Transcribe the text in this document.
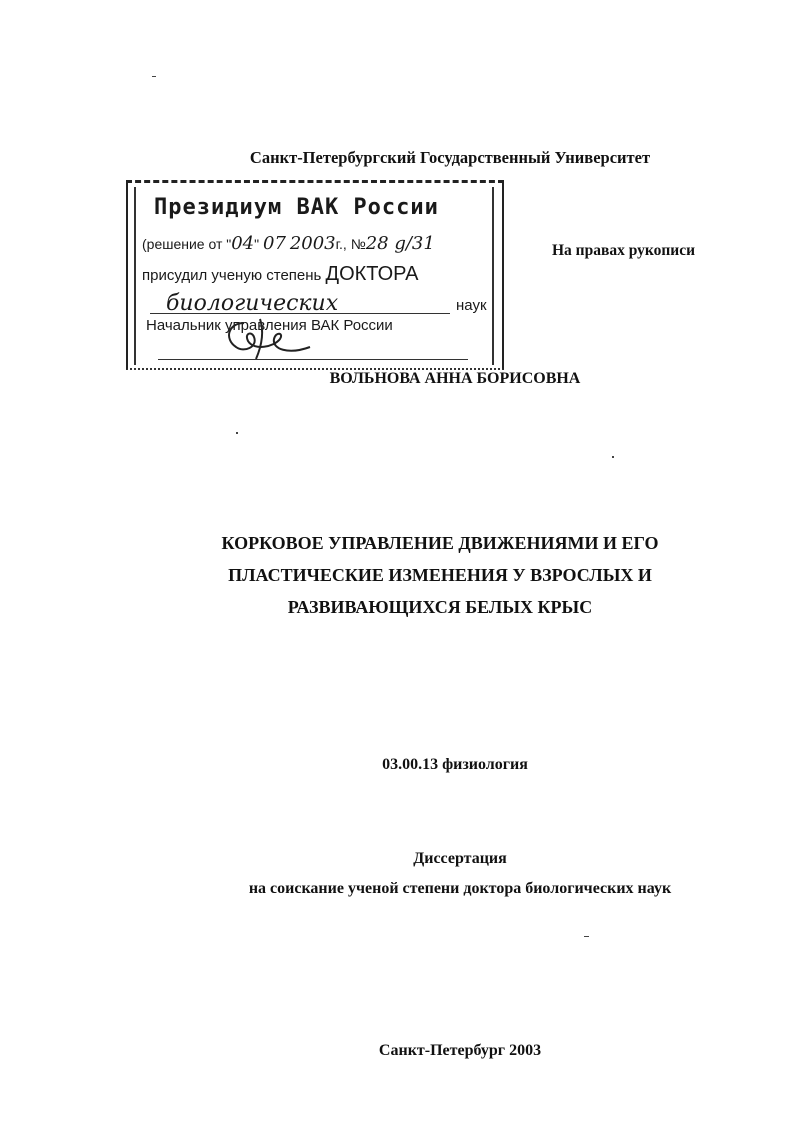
Санкт-Петербургский Государственный Университет
Президиум ВАК России
(решение от "04" 07 2003г., №28 g/31
присудил ученую степень ДОКТОРА
биологических	наук
Начальник управления ВАК России
На правах рукописи
ВОЛЬНОВА АННА БОРИСОВНА
КОРКОВОЕ УПРАВЛЕНИЕ ДВИЖЕНИЯМИ И ЕГО
ПЛАСТИЧЕСКИЕ ИЗМЕНЕНИЯ У ВЗРОСЛЫХ И
РАЗВИВАЮЩИХСЯ БЕЛЫХ КРЫС
03.00.13 физиология
Диссертация
на соискание ученой степени доктора биологических наук
Санкт-Петербург 2003
